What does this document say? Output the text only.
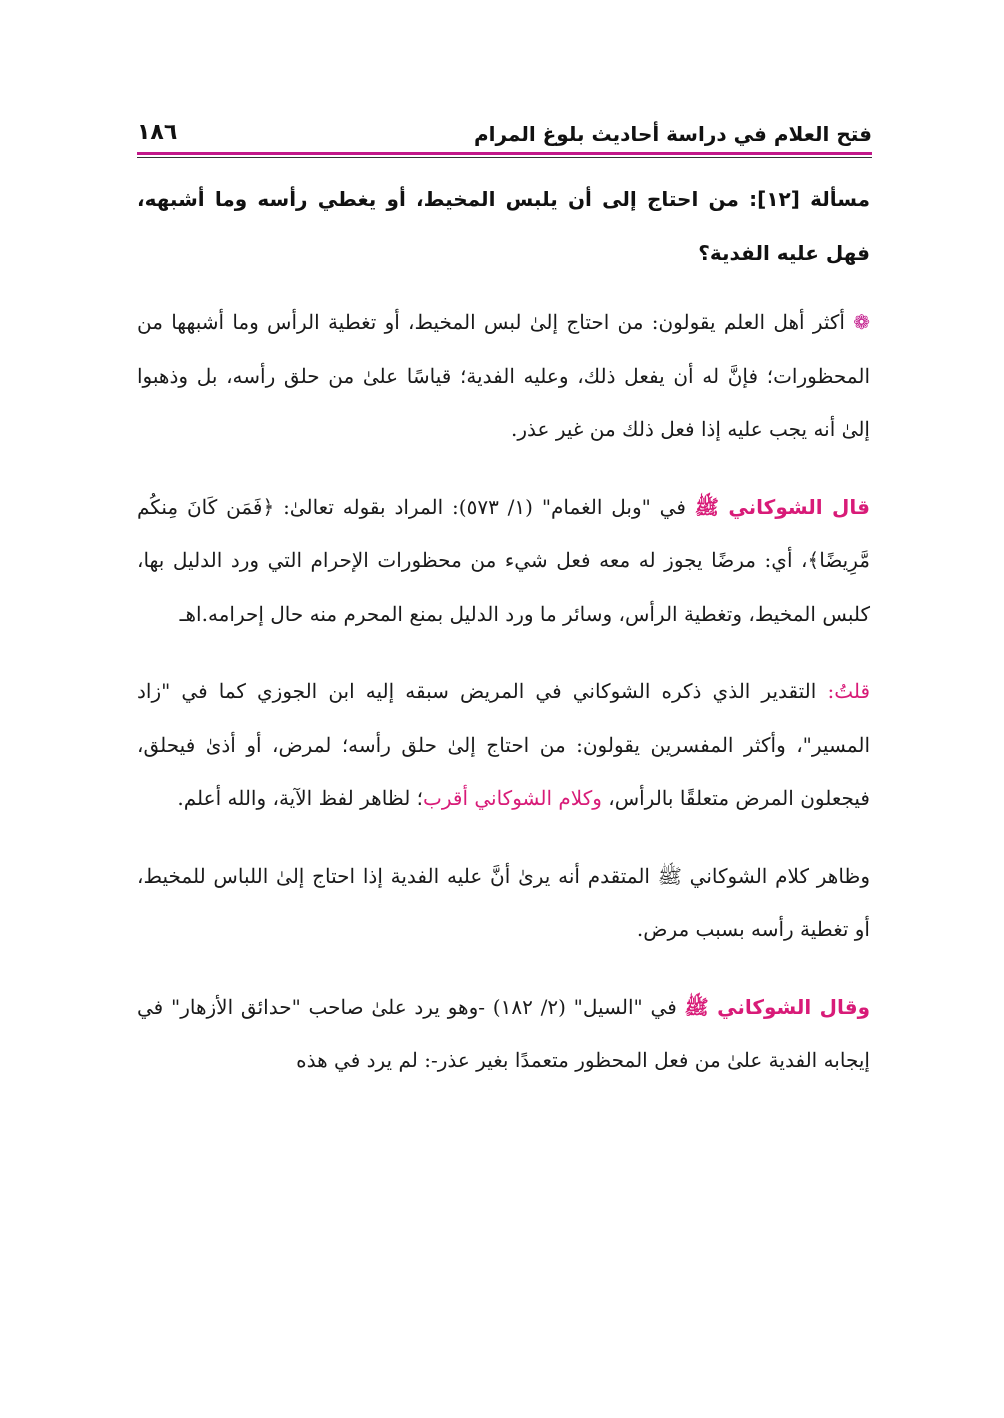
فتح العلام في دراسة أحاديث بلوغ المرام
١٨٦

مسألة [١٢]: من احتاج إلى أن يلبس المخيط، أو يغطي رأسه وما أشبهه، فهل عليه الفدية؟

❁ أكثر أهل العلم يقولون: من احتاج إلىٰ لبس المخيط، أو تغطية الرأس وما أشبهها من المحظورات؛ فإنَّ له أن يفعل ذلك، وعليه الفدية؛ قياسًا علىٰ من حلق رأسه، بل وذهبوا إلىٰ أنه يجب عليه إذا فعل ذلك من غير عذر.

قال الشوكاني ﷺ في "وبل الغمام" (١/ ٥٧٣): المراد بقوله تعالىٰ: ﴿فَمَن كَانَ مِنكُم مَّرِيضًا﴾، أي: مرضًا يجوز له معه فعل شيء من محظورات الإحرام التي ورد الدليل بها، كلبس المخيط، وتغطية الرأس، وسائر ما ورد الدليل بمنع المحرم منه حال إحرامه.اهـ

قلتُ: التقدير الذي ذكره الشوكاني في المريض سبقه إليه ابن الجوزي كما في "زاد المسير"، وأكثر المفسرين يقولون: من احتاج إلىٰ حلق رأسه؛ لمرض، أو أذىٰ فيحلق، فيجعلون المرض متعلقًا بالرأس، وكلام الشوكاني أقرب؛ لظاهر لفظ الآية، والله أعلم.

وظاهر كلام الشوكاني ﷺ المتقدم أنه يرىٰ أنَّ عليه الفدية إذا احتاج إلىٰ اللباس للمخيط، أو تغطية رأسه بسبب مرض.

وقال الشوكاني ﷺ في "السيل" (٢/ ١٨٢) -وهو يرد علىٰ صاحب "حدائق الأزهار" في إيجابه الفدية علىٰ من فعل المحظور متعمدًا بغير عذر-: لم يرد في هذه
